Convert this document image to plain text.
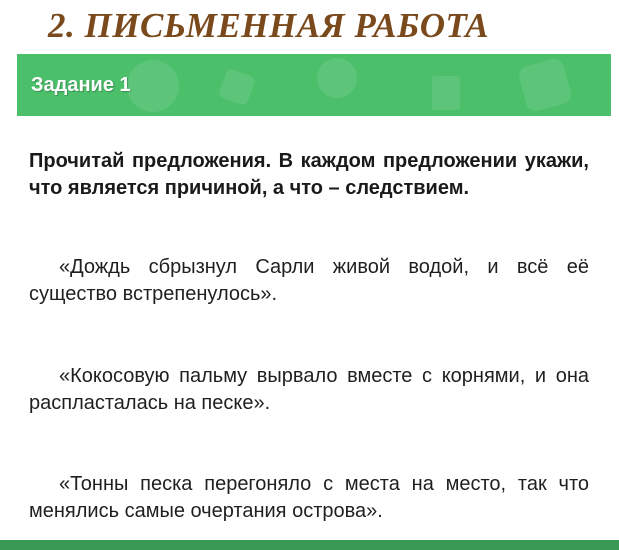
2. ПИСЬМЕННАЯ РАБОТА
Задание 1

Прочитай предложения. В каждом предложении укажи, что является причиной, а что – следствием.

«Дождь сбрызнул Сарли живой водой, и всё её существо встрепенулось».

«Кокосовую пальму вырвало вместе с корнями, и она распласталась на песке».

«Тонны песка перегоняло с места на место, так что менялись самые очертания острова».
